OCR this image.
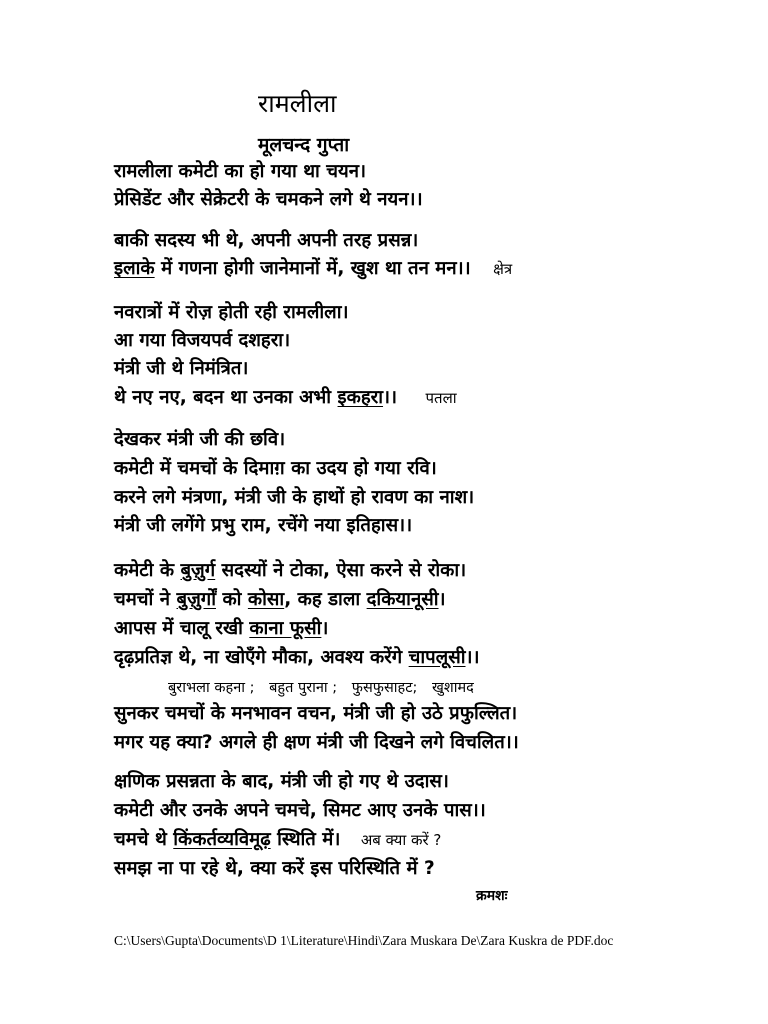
रामलीला
मूलचन्द गुप्ता
रामलीला कमेटी का हो गया था चयन।
प्रेसिडेंट और सेक्रेटरी के चमकने लगे थे नयन।।
बाकी सदस्य भी थे, अपनी अपनी तरह प्रसन्न।
इलाके में गणना होगी जानेमानों में, खुश था तन मन।। क्षेत्र
नवरात्रों में रोज़ होती रही रामलीला।
आ गया विजयपर्व दशहरा।
मंत्री जी थे निमंत्रित।
थे नए नए, बदन था उनका अभी इकहरा।। पतला
देखकर मंत्री जी की छवि।
कमेटी में चमचों के दिमाग़ का उदय हो गया रवि।
करने लगे मंत्रणा, मंत्री जी के हाथों हो रावण का नाश।
मंत्री जी लगेंगे प्रभु राम, रचेंगे नया इतिहास।।
कमेटी के बुज़ुर्ग सदस्यों ने टोका, ऐसा करने से रोका।
चमचों ने बुज़ुर्गों को कोसा, कह डाला दकियानूसी।
आपस में चालू रखी काना फूसी।
दृढ़प्रतिज्ञ थे, ना खोएँगे मौका, अवश्य करेंगे चापलूसी।।
बुराभला कहना ; बहुत पुराना ; फुसफुसाहट; खुशामद
सुनकर चमचों के मनभावन वचन, मंत्री जी हो उठे प्रफुल्लित।
मगर यह क्या? अगले ही क्षण मंत्री जी दिखने लगे विचलित।।
क्षणिक प्रसन्नता के बाद, मंत्री जी हो गए थे उदास।
कमेटी और उनके अपने चमचे, सिमट आए उनके पास।।
चमचे थे किंकर्तव्यविमूढ़ स्थिति में। अब क्या करें ?
समझ ना पा रहे थे, क्या करें इस परिस्थिति में ?
क्रमशः
C:\Users\Gupta\Documents\D 1\Literature\Hindi\Zara Muskara De\Zara Kuskra de PDF.doc
